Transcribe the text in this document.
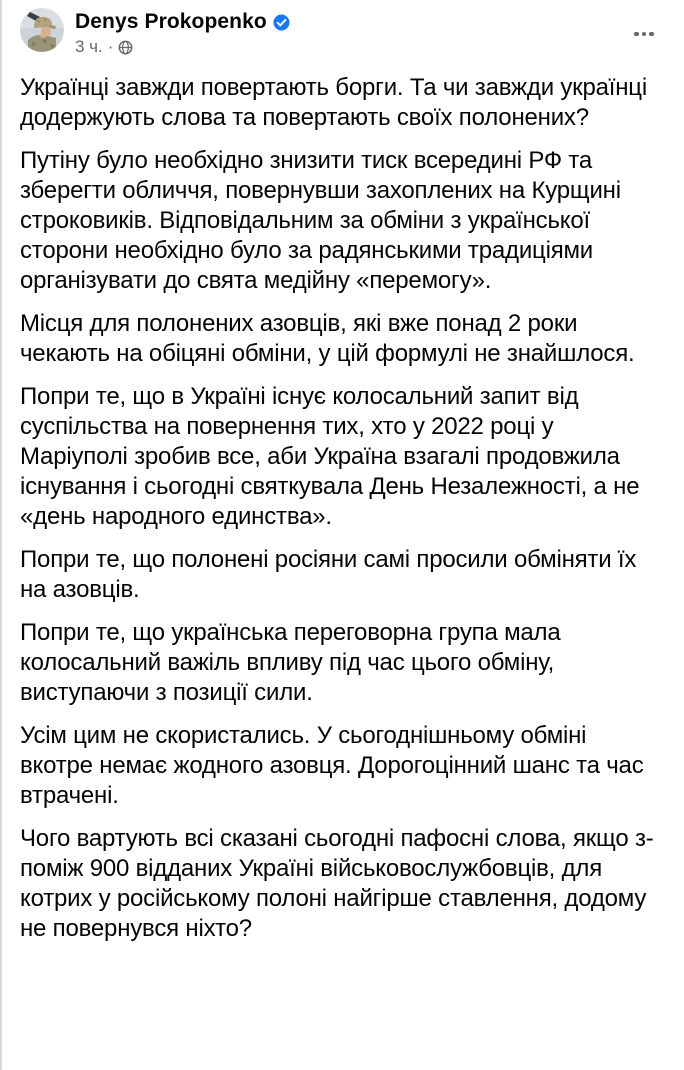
Denys Prokopenko
3 ч. ·

Українці завжди повертають борги. Та чи завжди українці додержують слова та повертають своїх полонених?

Путіну було необхідно знизити тиск всередині РФ та зберегти обличчя, повернувши захоплених на Курщині строковиків. Відповідальним за обміни з української сторони необхідно було за радянськими традиціями організувати до свята медійну «перемогу».

Місця для полонених азовців, які вже понад 2 роки чекають на обіцяні обміни, у цій формулі не знайшлося.

Попри те, що в Україні існує колосальний запит від суспільства на повернення тих, хто у 2022 році у Маріуполі зробив все, аби Україна взагалі продовжила існування і сьогодні святкувала День Незалежності, а не «день народного единства».

Попри те, що полонені росіяни самі просили обміняти їх на азовців.

Попри те, що українська переговорна група мала колосальний важіль впливу під час цього обміну, виступаючи з позиції сили.

Усім цим не скористались. У сьогоднішньому обміні вкотре немає жодного азовця. Дорогоцінний шанс та час втрачені.

Чого вартують всі сказані сьогодні пафосні слова, якщо з-поміж 900 відданих Україні військовослужбовців, для котрих у російському полоні найгірше ставлення, додому не повернувся ніхто?
